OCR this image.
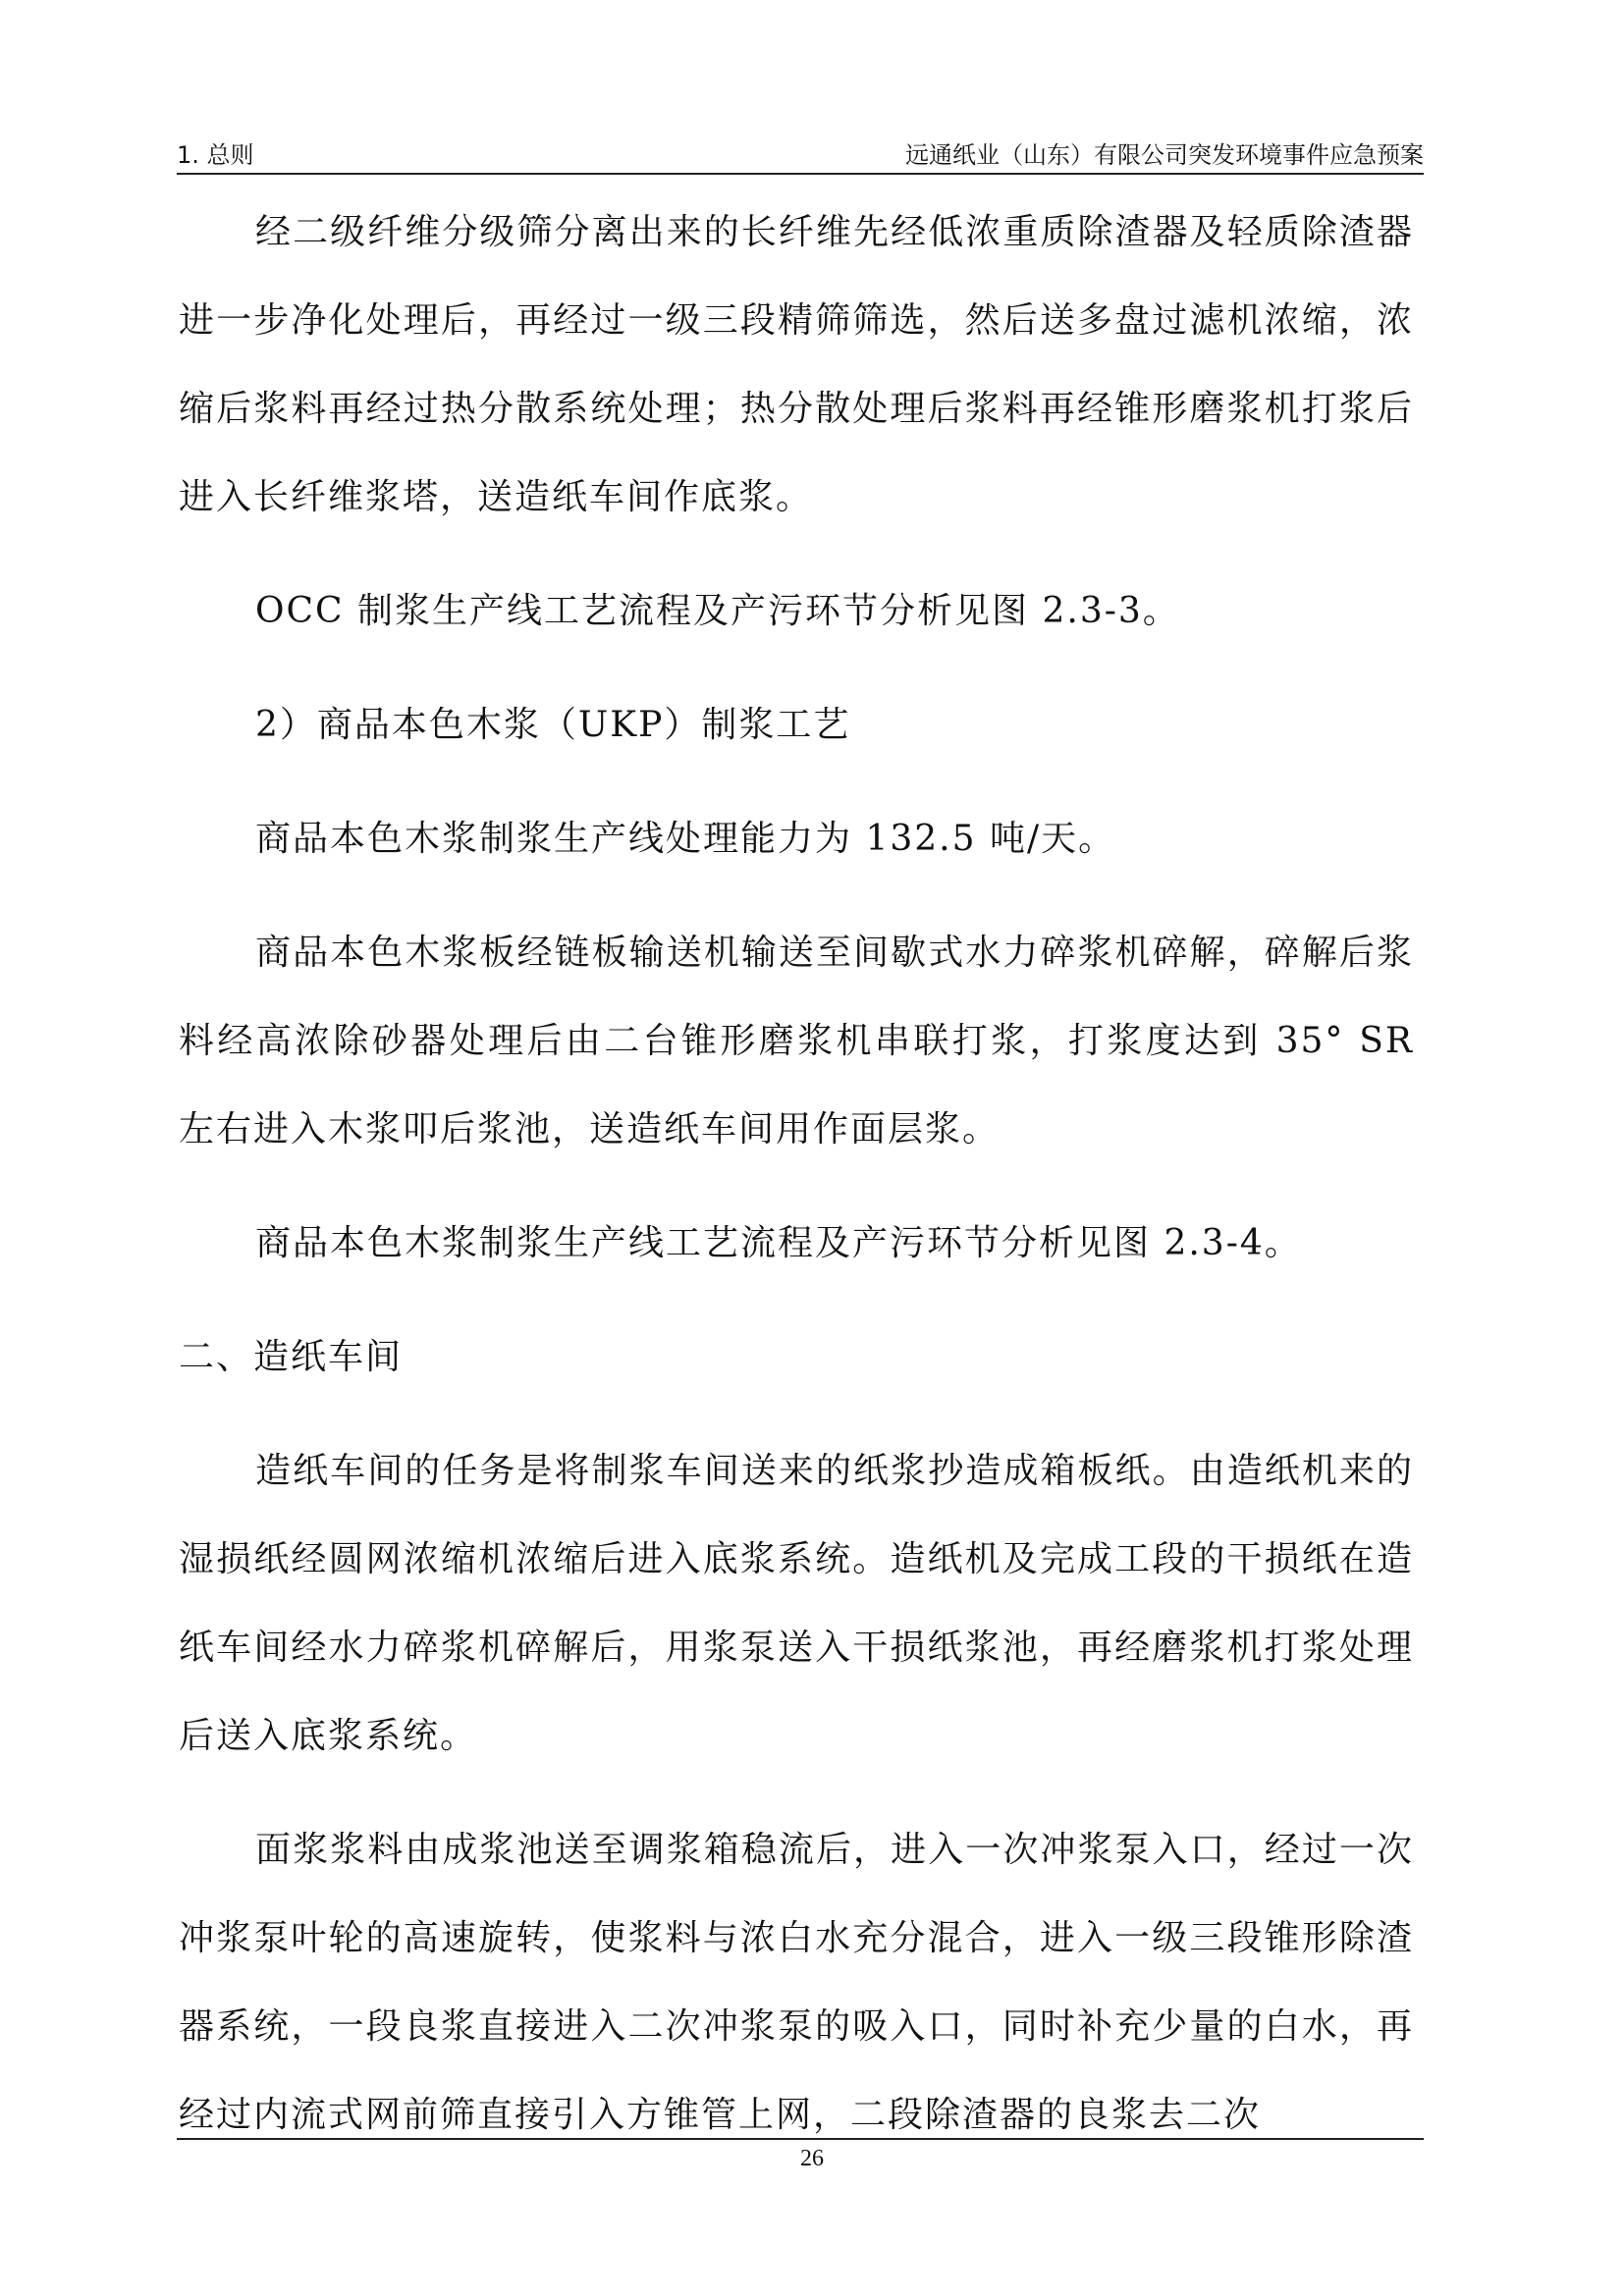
1. 总则	远通纸业（山东）有限公司突发环境事件应急预案

经二级纤维分级筛分离出来的长纤维先经低浓重质除渣器及轻质除渣器进一步净化处理后，再经过一级三段精筛筛选，然后送多盘过滤机浓缩，浓缩后浆料再经过热分散系统处理；热分散处理后浆料再经锥形磨浆机打浆后进入长纤维浆塔，送造纸车间作底浆。

OCC 制浆生产线工艺流程及产污环节分析见图 2.3-3。

2）商品本色木浆（UKP）制浆工艺

商品本色木浆制浆生产线处理能力为 132.5 吨/天。

商品本色木浆板经链板输送机输送至间歇式水力碎浆机碎解，碎解后浆料经高浓除砂器处理后由二台锥形磨浆机串联打浆，打浆度达到 35° SR 左右进入木浆叩后浆池，送造纸车间用作面层浆。

商品本色木浆制浆生产线工艺流程及产污环节分析见图 2.3-4。

二、造纸车间

造纸车间的任务是将制浆车间送来的纸浆抄造成箱板纸。由造纸机来的湿损纸经圆网浓缩机浓缩后进入底浆系统。造纸机及完成工段的干损纸在造纸车间经水力碎浆机碎解后，用浆泵送入干损纸浆池，再经磨浆机打浆处理后送入底浆系统。

面浆浆料由成浆池送至调浆箱稳流后，进入一次冲浆泵入口，经过一次冲浆泵叶轮的高速旋转，使浆料与浓白水充分混合，进入一级三段锥形除渣器系统，一段良浆直接进入二次冲浆泵的吸入口，同时补充少量的白水，再经过内流式网前筛直接引入方锥管上网，二段除渣器的良浆去二次

26
